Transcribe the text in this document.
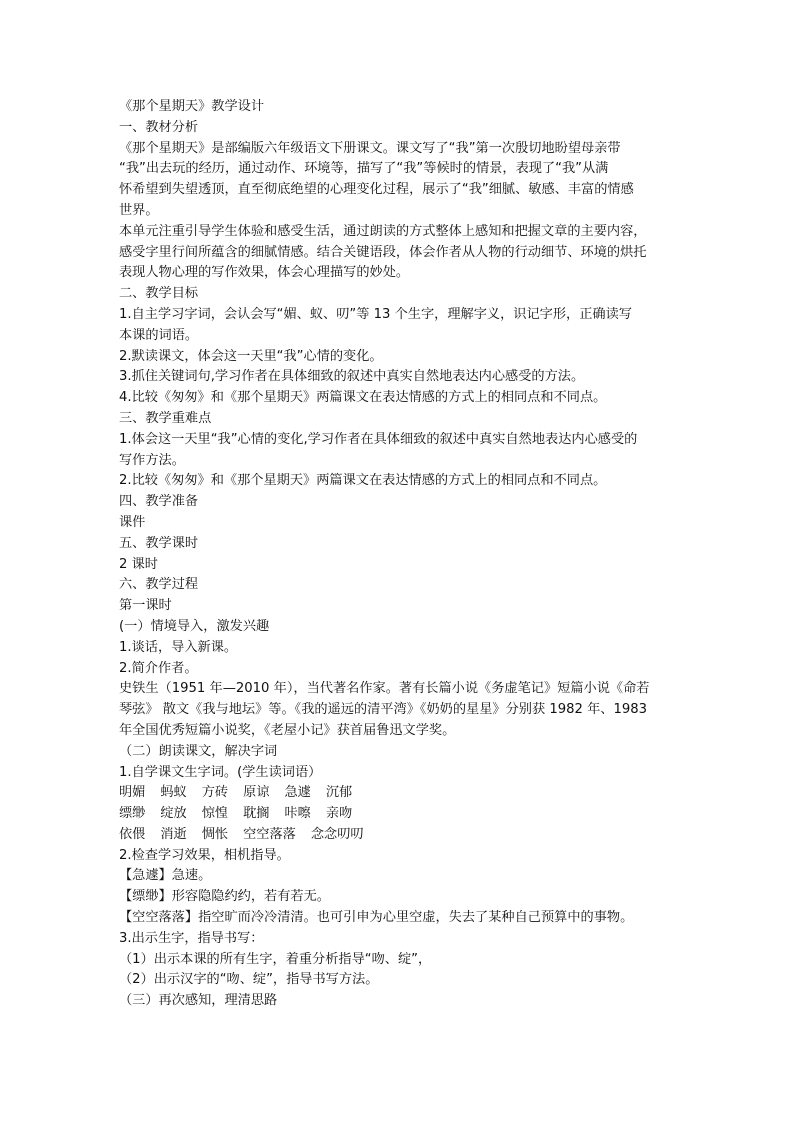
《那个星期天》教学设计
一、教材分析
《那个星期天》是部编版六年级语文下册课文。课文写了“我”第一次殷切地盼望母亲带
“我”出去玩的经历，通过动作、环境等，描写了“我”等候时的情景，表现了“我”从满
怀希望到失望透顶，直至彻底绝望的心理变化过程，展示了“我”细腻、敏感、丰富的情感
世界。
本单元注重引导学生体验和感受生活，通过朗读的方式整体上感知和把握文章的主要内容，
感受字里行间所蕴含的细腻情感。结合关键语段，体会作者从人物的行动细节、环境的烘托
表现人物心理的写作效果，体会心理描写的妙处。
二、教学目标
1.自主学习字词，会认会写“媚、蚁、叨”等 13 个生字，理解字义，识记字形，正确读写
本课的词语。
2.默读课文，体会这一天里“我”心情的变化。
3.抓住关键词句,学习作者在具体细致的叙述中真实自然地表达内心感受的方法。
4.比较《匆匆》和《那个星期天》两篇课文在表达情感的方式上的相同点和不同点。
三、教学重难点
1.体会这一天里“我”心情的变化,学习作者在具体细致的叙述中真实自然地表达内心感受的
写作方法。
2.比较《匆匆》和《那个星期天》两篇课文在表达情感的方式上的相同点和不同点。
四、教学准备
课件
五、教学课时
2 课时
六、教学过程
第一课时
(一）情境导入，激发兴趣
1.谈话，导入新课。
2.简介作者。
史铁生（1951 年—2010 年），当代著名作家。著有长篇小说《务虚笔记》短篇小说《命若
琴弦》 散文《我与地坛》等。《我的遥远的清平湾》《奶奶的星星》分别获 1982 年、1983
年全国优秀短篇小说奖，《老屋小记》获首届鲁迅文学奖。
（二）朗读课文，解决字词
1.自学课文生字词。(学生读词语）
明媚 蚂蚁 方砖 原谅 急遽 沉郁
缥缈 绽放 惊惶 耽搁 咔嚓 亲吻
依偎 消逝 惆怅 空空落落 念念叨叨
2.检查学习效果，相机指导。
【急遽】急速。
【缥缈】形容隐隐约约，若有若无。
【空空落落】指空旷而冷冷清清。也可引申为心里空虚，失去了某种自己预算中的事物。
3.出示生字，指导书写：
（1）出示本课的所有生字，着重分析指导“吻、绽”，
（2）出示汉字的“吻、绽”，指导书写方法。
（三）再次感知，理清思路
